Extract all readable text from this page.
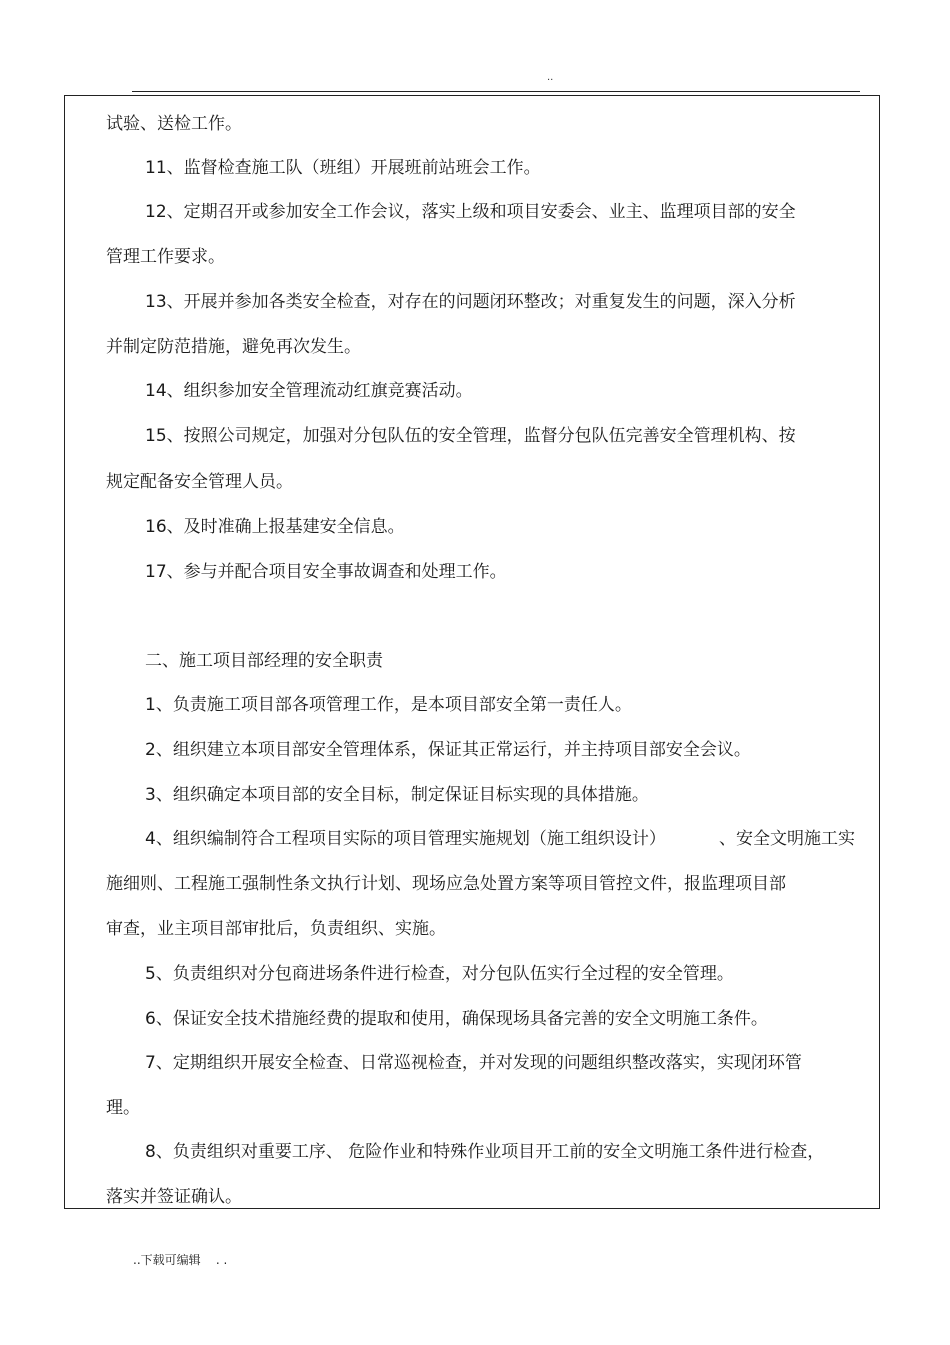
..
试验、送检工作。
11、监督检查施工队（班组）开展班前站班会工作。
12、定期召开或参加安全工作会议，落实上级和项目安委会、业主、监理项目部的安全
管理工作要求。
13、开展并参加各类安全检查，对存在的问题闭环整改；对重复发生的问题，深入分析
并制定防范措施，避免再次发生。
14、组织参加安全管理流动红旗竞赛活动。
15、按照公司规定，加强对分包队伍的安全管理，监督分包队伍完善安全管理机构、按
规定配备安全管理人员。
16、及时准确上报基建安全信息。
17、参与并配合项目安全事故调查和处理工作。
二、施工项目部经理的安全职责
1、负责施工项目部各项管理工作，是本项目部安全第一责任人。
2、组织建立本项目部安全管理体系，保证其正常运行，并主持项目部安全会议。
3、组织确定本项目部的安全目标，制定保证目标实现的具体措施。
4、组织编制符合工程项目实际的项目管理实施规划（施工组织设计）	、安全文明施工实
施细则、工程施工强制性条文执行计划、现场应急处置方案等项目管控文件，报监理项目部
审查，业主项目部审批后，负责组织、实施。
5、负责组织对分包商进场条件进行检查，对分包队伍实行全过程的安全管理。
6、保证安全技术措施经费的提取和使用，确保现场具备完善的安全文明施工条件。
7、定期组织开展安全检查、日常巡视检查，并对发现的问题组织整改落实，实现闭环管
理。
8、负责组织对重要工序、 危险作业和特殊作业项目开工前的安全文明施工条件进行检查，
落实并签证确认。
..下载可编辑    . .
